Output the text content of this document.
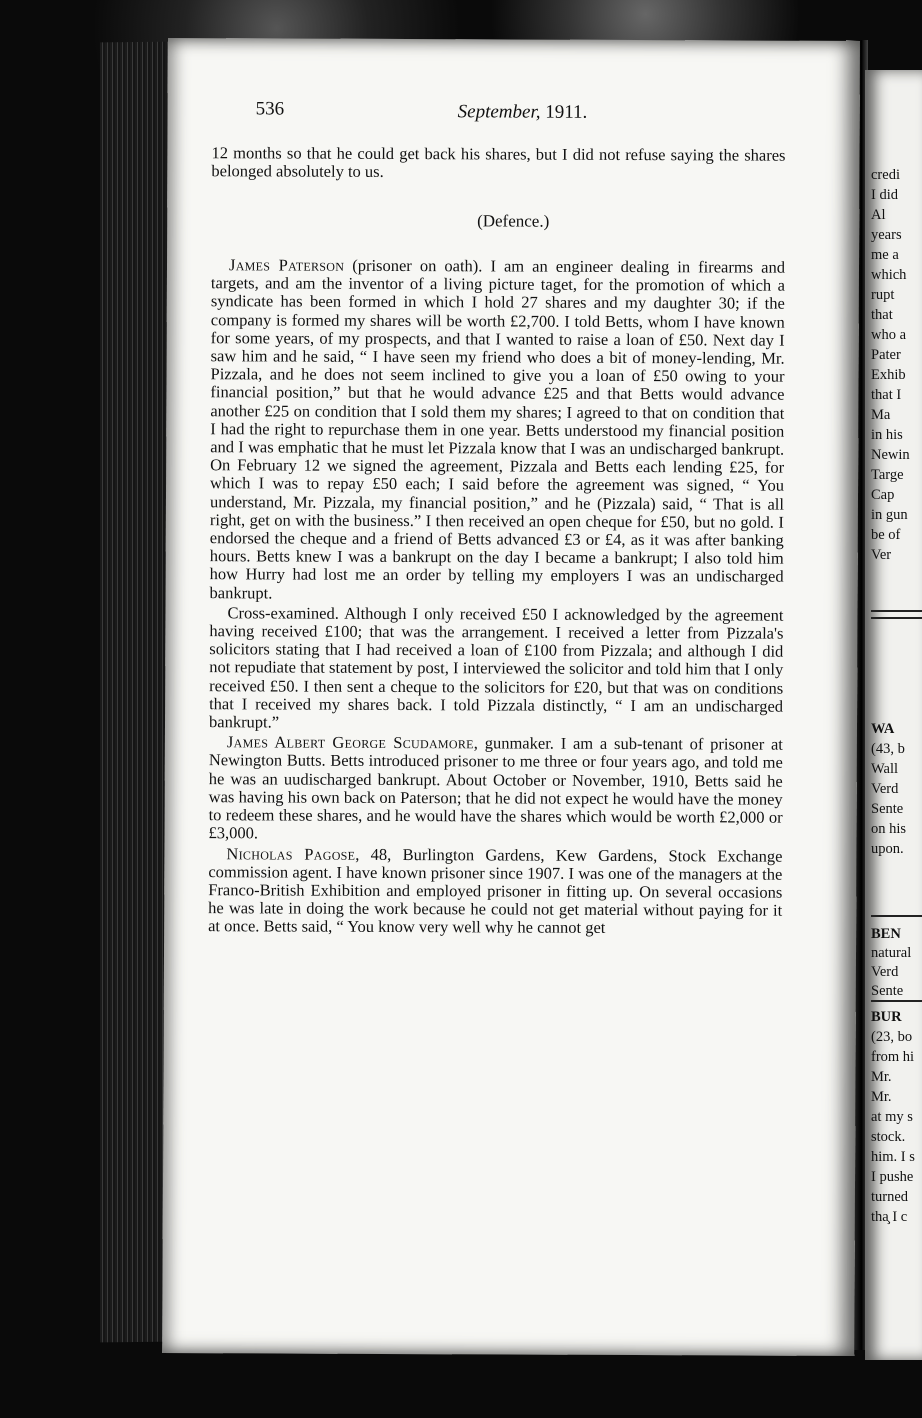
536	September, 1911.

12 months so that he could get back his shares, but I did not refuse saying the shares belonged absolutely to us.

(Defence.)

James Paterson (prisoner on oath). I am an engineer dealing in firearms and targets, and am the inventor of a living picture taget, for the promotion of which a syndicate has been formed in which I hold 27 shares and my daughter 30; if the company is formed my shares will be worth £2,700. I told Betts, whom I have known for some years, of my prospects, and that I wanted to raise a loan of £50. Next day I saw him and he said, “ I have seen my friend who does a bit of money-lending, Mr. Pizzala, and he does not seem inclined to give you a loan of £50 owing to your financial position,” but that he would advance £25 and that Betts would advance another £25 on condition that I sold them my shares; I agreed to that on condition that I had the right to repurchase them in one year. Betts understood my financial position and I was emphatic that he must let Pizzala know that I was an undischarged bankrupt. On February 12 we signed the agreement, Pizzala and Betts each lending £25, for which I was to repay £50 each; I said before the agreement was signed, “ You understand, Mr. Pizzala, my financial position,” and he (Pizzala) said, “ That is all right, get on with the business.” I then received an open cheque for £50, but no gold. I endorsed the cheque and a friend of Betts advanced £3 or £4, as it was after banking hours. Betts knew I was a bankrupt on the day I became a bankrupt; I also told him how Hurry had lost me an order by telling my employers I was an undischarged bankrupt.

Cross-examined. Although I only received £50 I acknowledged by the agreement having received £100; that was the arrangement. I received a letter from Pizzala's solicitors stating that I had received a loan of £100 from Pizzala; and although I did not repudiate that statement by post, I interviewed the solicitor and told him that I only received £50. I then sent a cheque to the solicitors for £20, but that was on conditions that I received my shares back. I told Pizzala distinctly, “ I am an undischarged bankrupt.”

James Albert George Scudamore, gunmaker. I am a sub-tenant of prisoner at Newington Butts. Betts introduced prisoner to me three or four years ago, and told me he was an uudischarged bankrupt. About October or November, 1910, Betts said he was having his own back on Paterson; that he did not expect he would have the money to redeem these shares, and he would have the shares which would be worth £2,000 or £3,000.

Nicholas Pagose, 48, Burlington Gardens, Kew Gardens, Stock Exchange commission agent. I have known prisoner since 1907. I was one of the managers at the Franco-British Exhibition and employed prisoner in fitting up. On several occasions he was late in doing the work because he could not get material without paying for it at once. Betts said, “ You know very well why he cannot get

credi
I did
Al
years
me a
which
rupt
that
who a
Pater
Exhib
that I
Ma
in his
Newin
Targe
Cap
in gun
be of
Ver
WA
(43, b
Wall
Verd
Sente
on his
upon.
BEN
natural
Verd
Sente
BUR
(23, bo
from hi
Mr.
Mr.
at my s
stock.
him. I s
I pushe
turned
tha̧ I c
